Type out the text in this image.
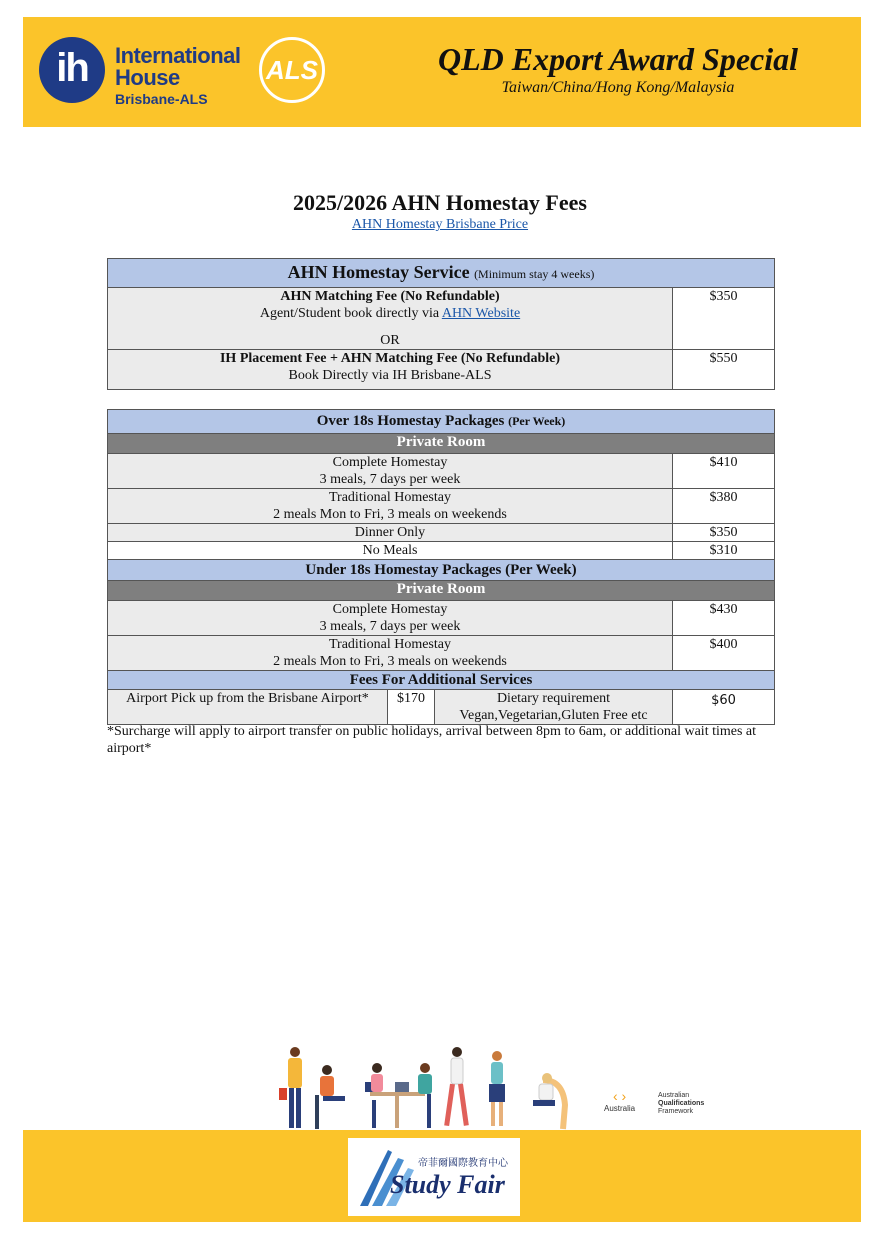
ih	International
House
Brisbane-ALS
ALS	QLD Export Award Special
Taiwan/China/Hong Kong/Malaysia
2025/2026 AHN Homestay Fees
AHN Homestay Brisbane Price
AHN Homestay Service (Minimum stay 4 weeks)	

AHN Matching Fee (No Refundable)
Agent/Student book directly via AHN Website
OR	$350

IH Placement Fee + AHN Matching Fee (No Refundable)
Book Directly via IH Brisbane-ALS	$550
Over 18s Homestay Packages (Per Week)			
Private Room			

Complete Homestay
3 meals, 7 days per week			$410

Traditional Homestay
2 meals Mon to Fri, 3 meals on weekends			$380
Dinner Only			$350
No Meals			$310
Under 18s Homestay Packages (Per Week)			
Private Room			

Complete Homestay
3 meals, 7 days per week			$430

Traditional Homestay
2 meals Mon to Fri, 3 meals on weekends			$400
Fees For Additional Services			
Airport Pick up from the Brisbane Airport*	$170	Dietary requirement
Vegan,Vegetarian,Gluten Free etc	$60
*Surcharge will apply to airport transfer on public holidays, arrival between 8pm to 6am, or additional wait times at airport*
‹ ›
Australia
Australian
Qualifications
Framework
帝菲爾國際教育中心
Study Fair
